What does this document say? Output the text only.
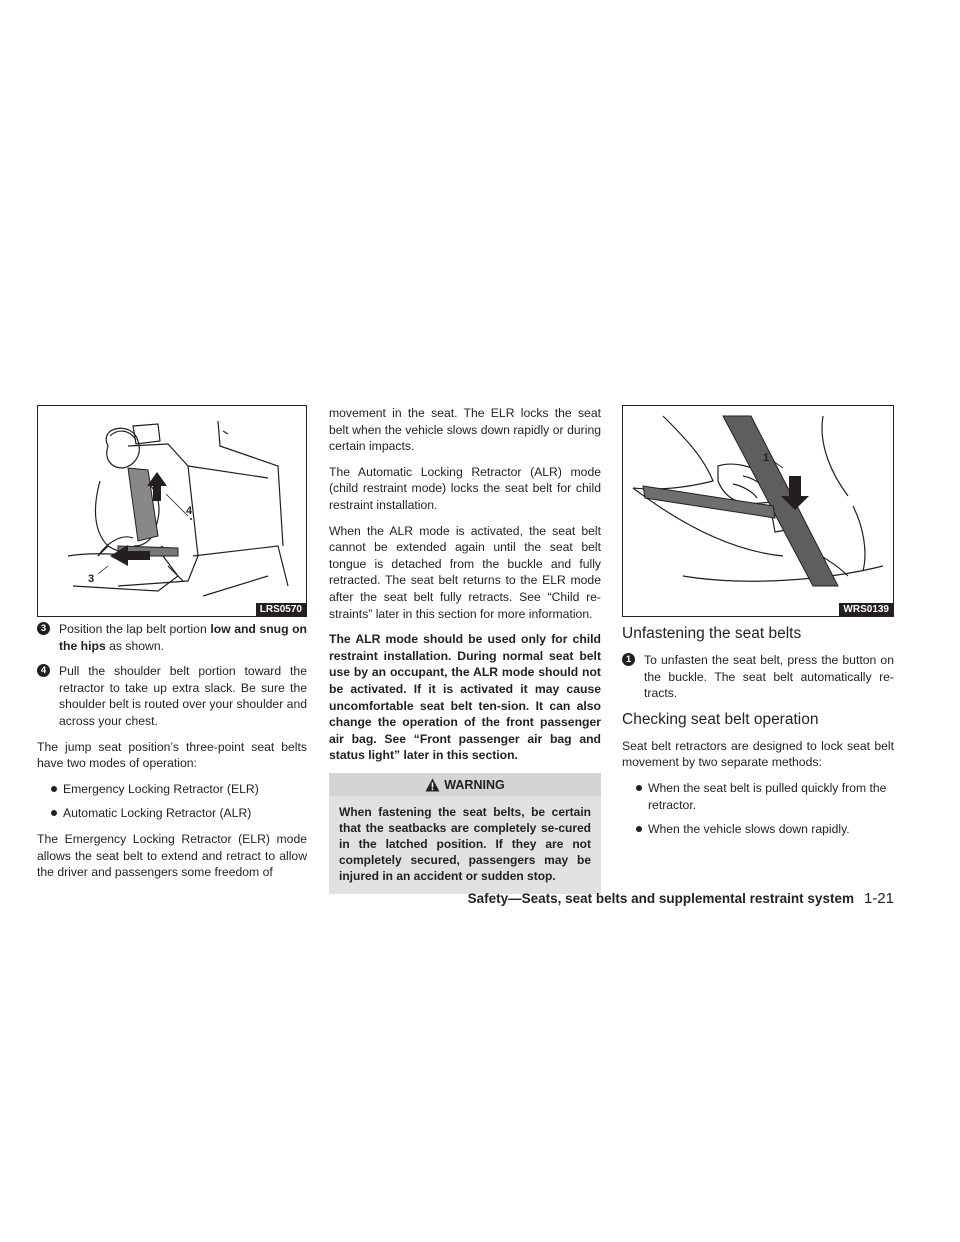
4
3
LRS0570
3	Position the lap belt portion low and snug on the hips as shown.
4	Pull the shoulder belt portion toward the retractor to take up extra slack. Be sure the shoulder belt is routed over your shoulder and across your chest.

The jump seat position’s three-point seat belts have two modes of operation:

Emergency Locking Retractor (ELR)
Automatic Locking Retractor (ALR)

The Emergency Locking Retractor (ELR) mode allows the seat belt to extend and retract to allow the driver and passengers some freedom of

movement in the seat. The ELR locks the seat belt when the vehicle slows down rapidly or during certain impacts.

The Automatic Locking Retractor (ALR) mode (child restraint mode) locks the seat belt for child restraint installation.

When the ALR mode is activated, the seat belt cannot be extended again until the seat belt tongue is detached from the buckle and fully retracted. The seat belt returns to the ELR mode after the seat belt fully retracts. See “Child re-straints” later in this section for more information.

The ALR mode should be used only for child restraint installation. During normal seat belt use by an occupant, the ALR mode should not be activated. If it is activated it may cause uncomfortable seat belt ten-sion. It can also change the operation of the front passenger air bag. See “Front passenger air bag and status light” later in this section.

WARNING
When fastening the seat belts, be certain that the seatbacks are completely se-cured in the latched position. If they are not completely secured, passengers may be injured in an accident or sudden stop.
1
WRS0139
Unfastening the seat belts
1	To unfasten the seat belt, press the button on the buckle. The seat belt automatically re-tracts.
Checking seat belt operation

Seat belt retractors are designed to lock seat belt movement by two separate methods:

When the seat belt is pulled quickly from the retractor.
When the vehicle slows down rapidly.
Safety—Seats, seat belts and supplemental restraint system 1-21
